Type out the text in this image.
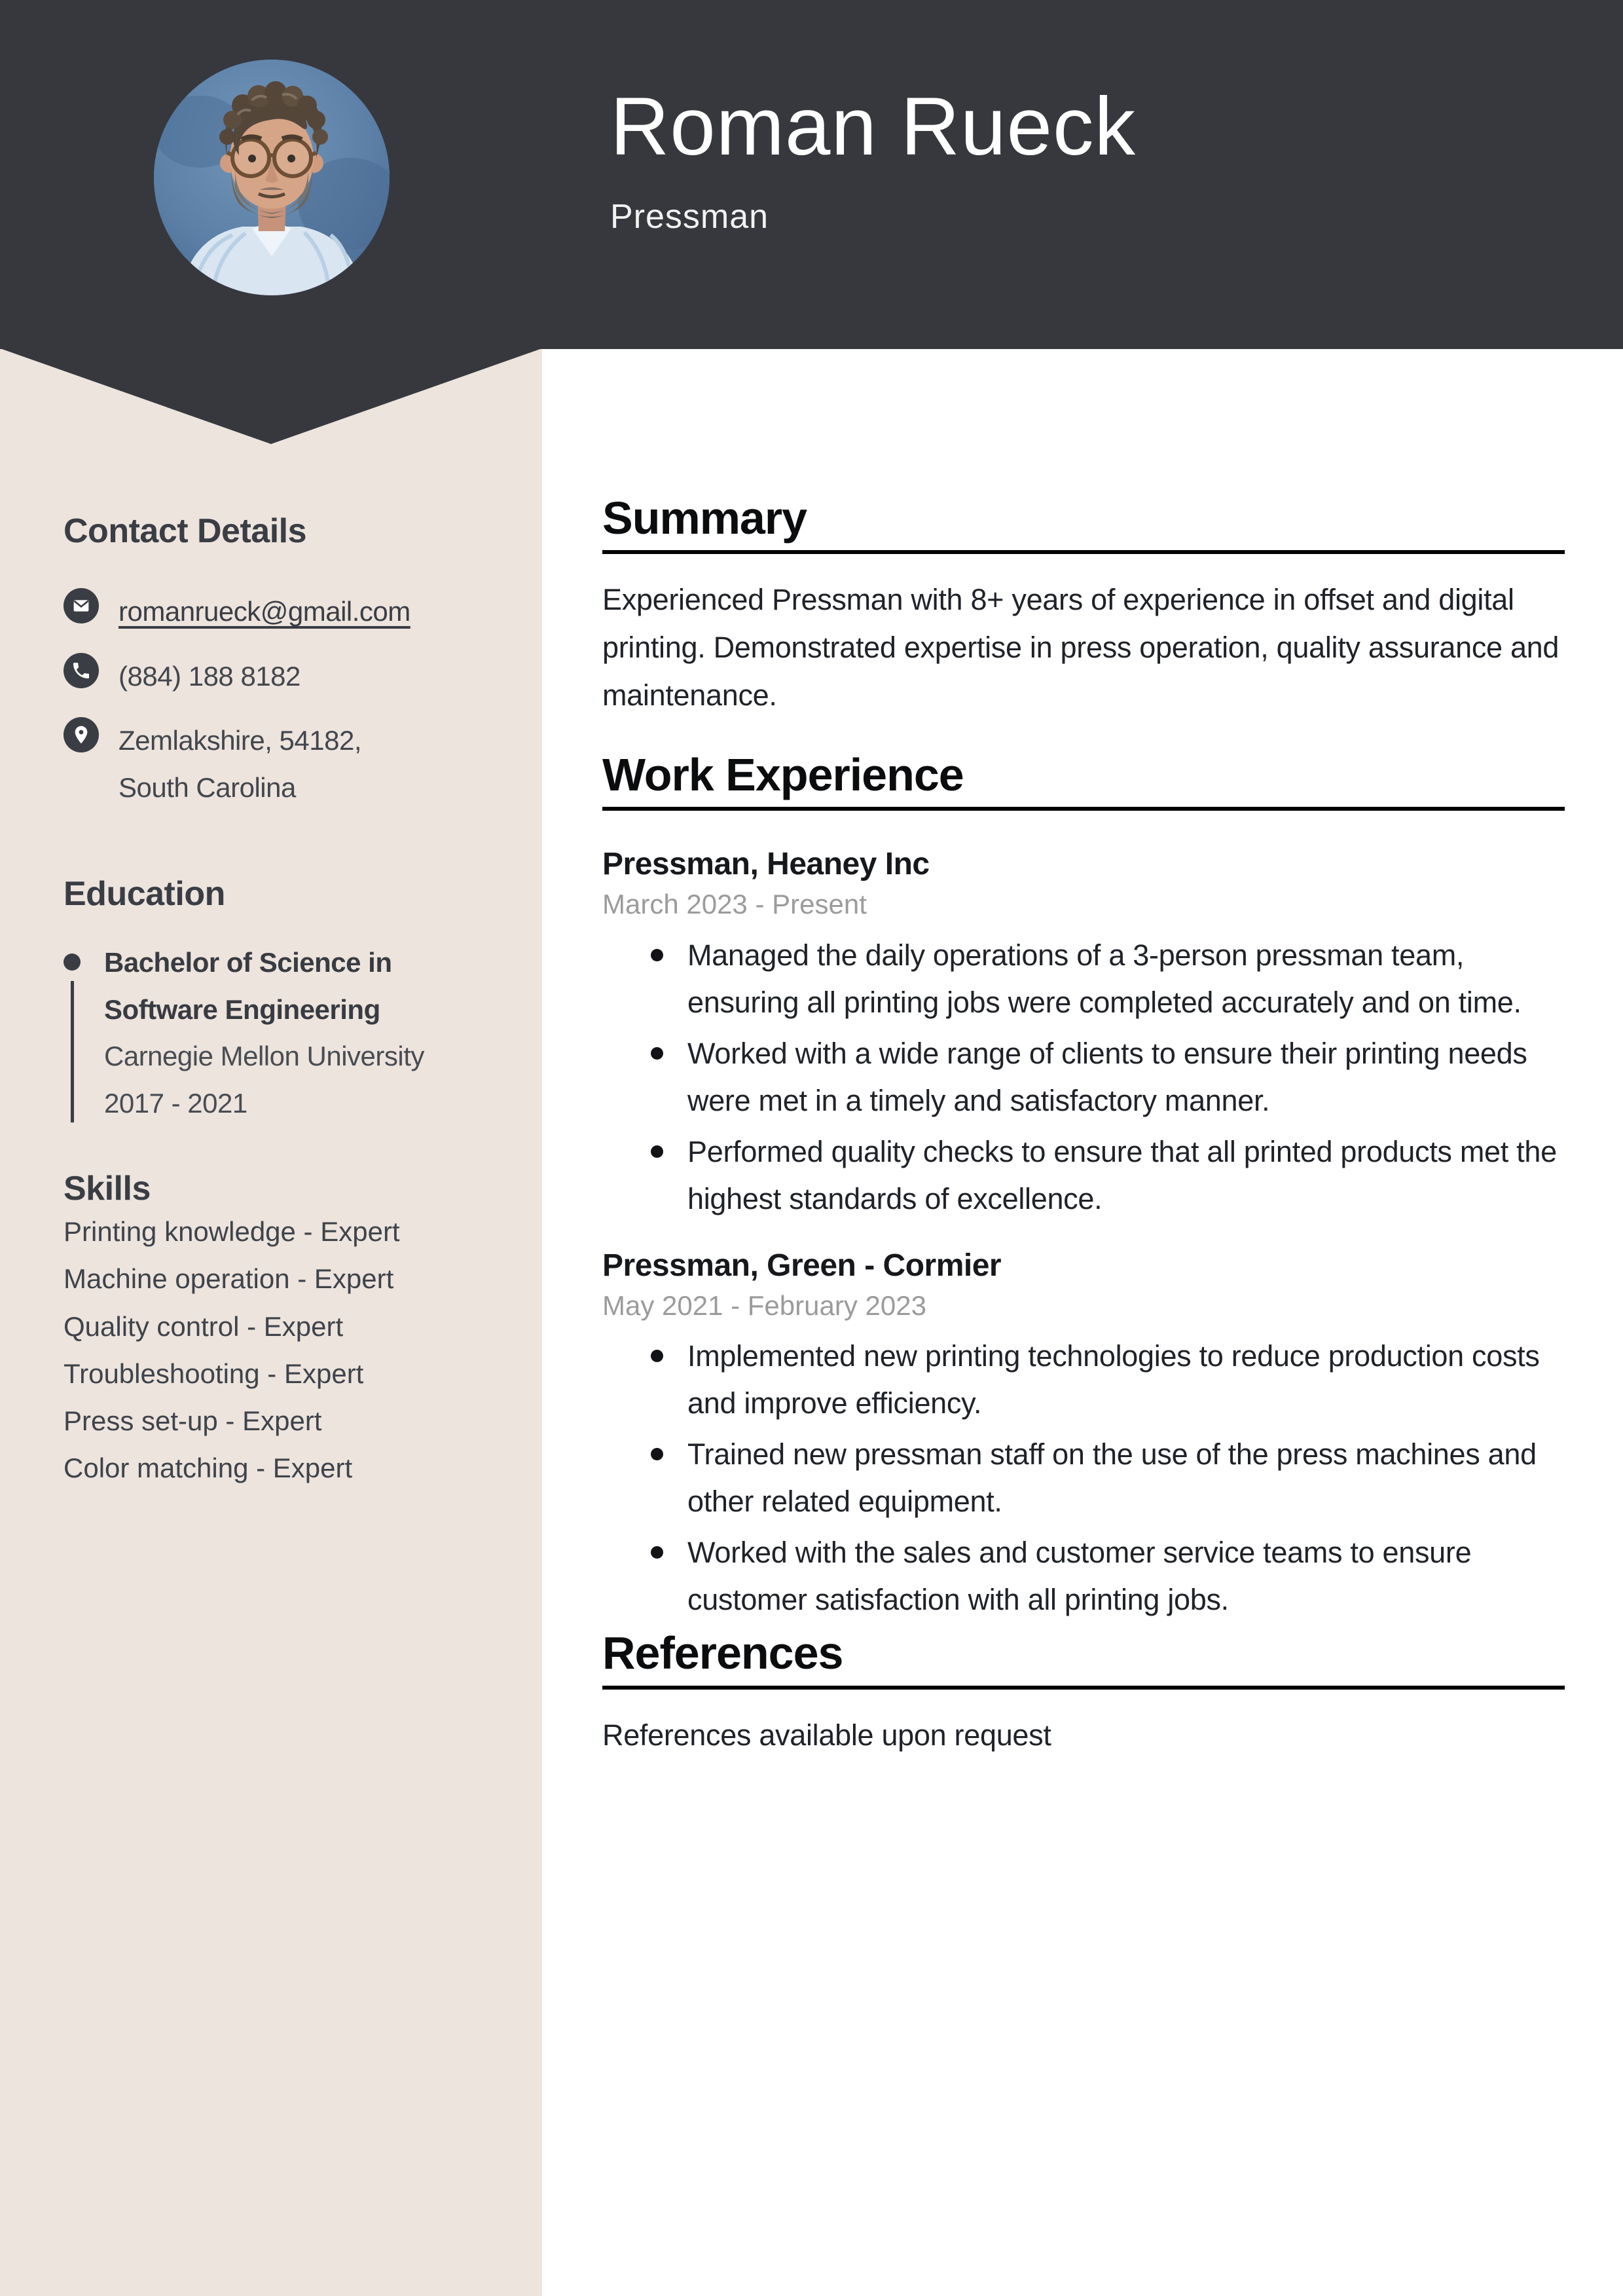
Roman Rueck
Pressman
Contact Details
romanrueck@gmail.com
(884) 188 8182
Zemlakshire, 54182, South Carolina
Education
Bachelor of Science in Software Engineering
Carnegie Mellon University
2017 - 2021
Skills
Printing knowledge - Expert
Machine operation - Expert
Quality control - Expert
Troubleshooting - Expert
Press set-up - Expert
Color matching - Expert
Summary

Experienced Pressman with 8+ years of experience in offset and digital printing. Demonstrated expertise in press operation, quality assurance and maintenance.

Work Experience
Pressman, Heaney Inc
March 2023 - Present
Managed the daily operations of a 3-person pressman team, ensuring all printing jobs were completed accurately and on time.
Worked with a wide range of clients to ensure their printing needs were met in a timely and satisfactory manner.
Performed quality checks to ensure that all printed products met the highest standards of excellence.
Pressman, Green - Cormier
May 2021 - February 2023
Implemented new printing technologies to reduce production costs and improve efficiency.
Trained new pressman staff on the use of the press machines and other related equipment.
Worked with the sales and customer service teams to ensure customer satisfaction with all printing jobs.
References

References available upon request
